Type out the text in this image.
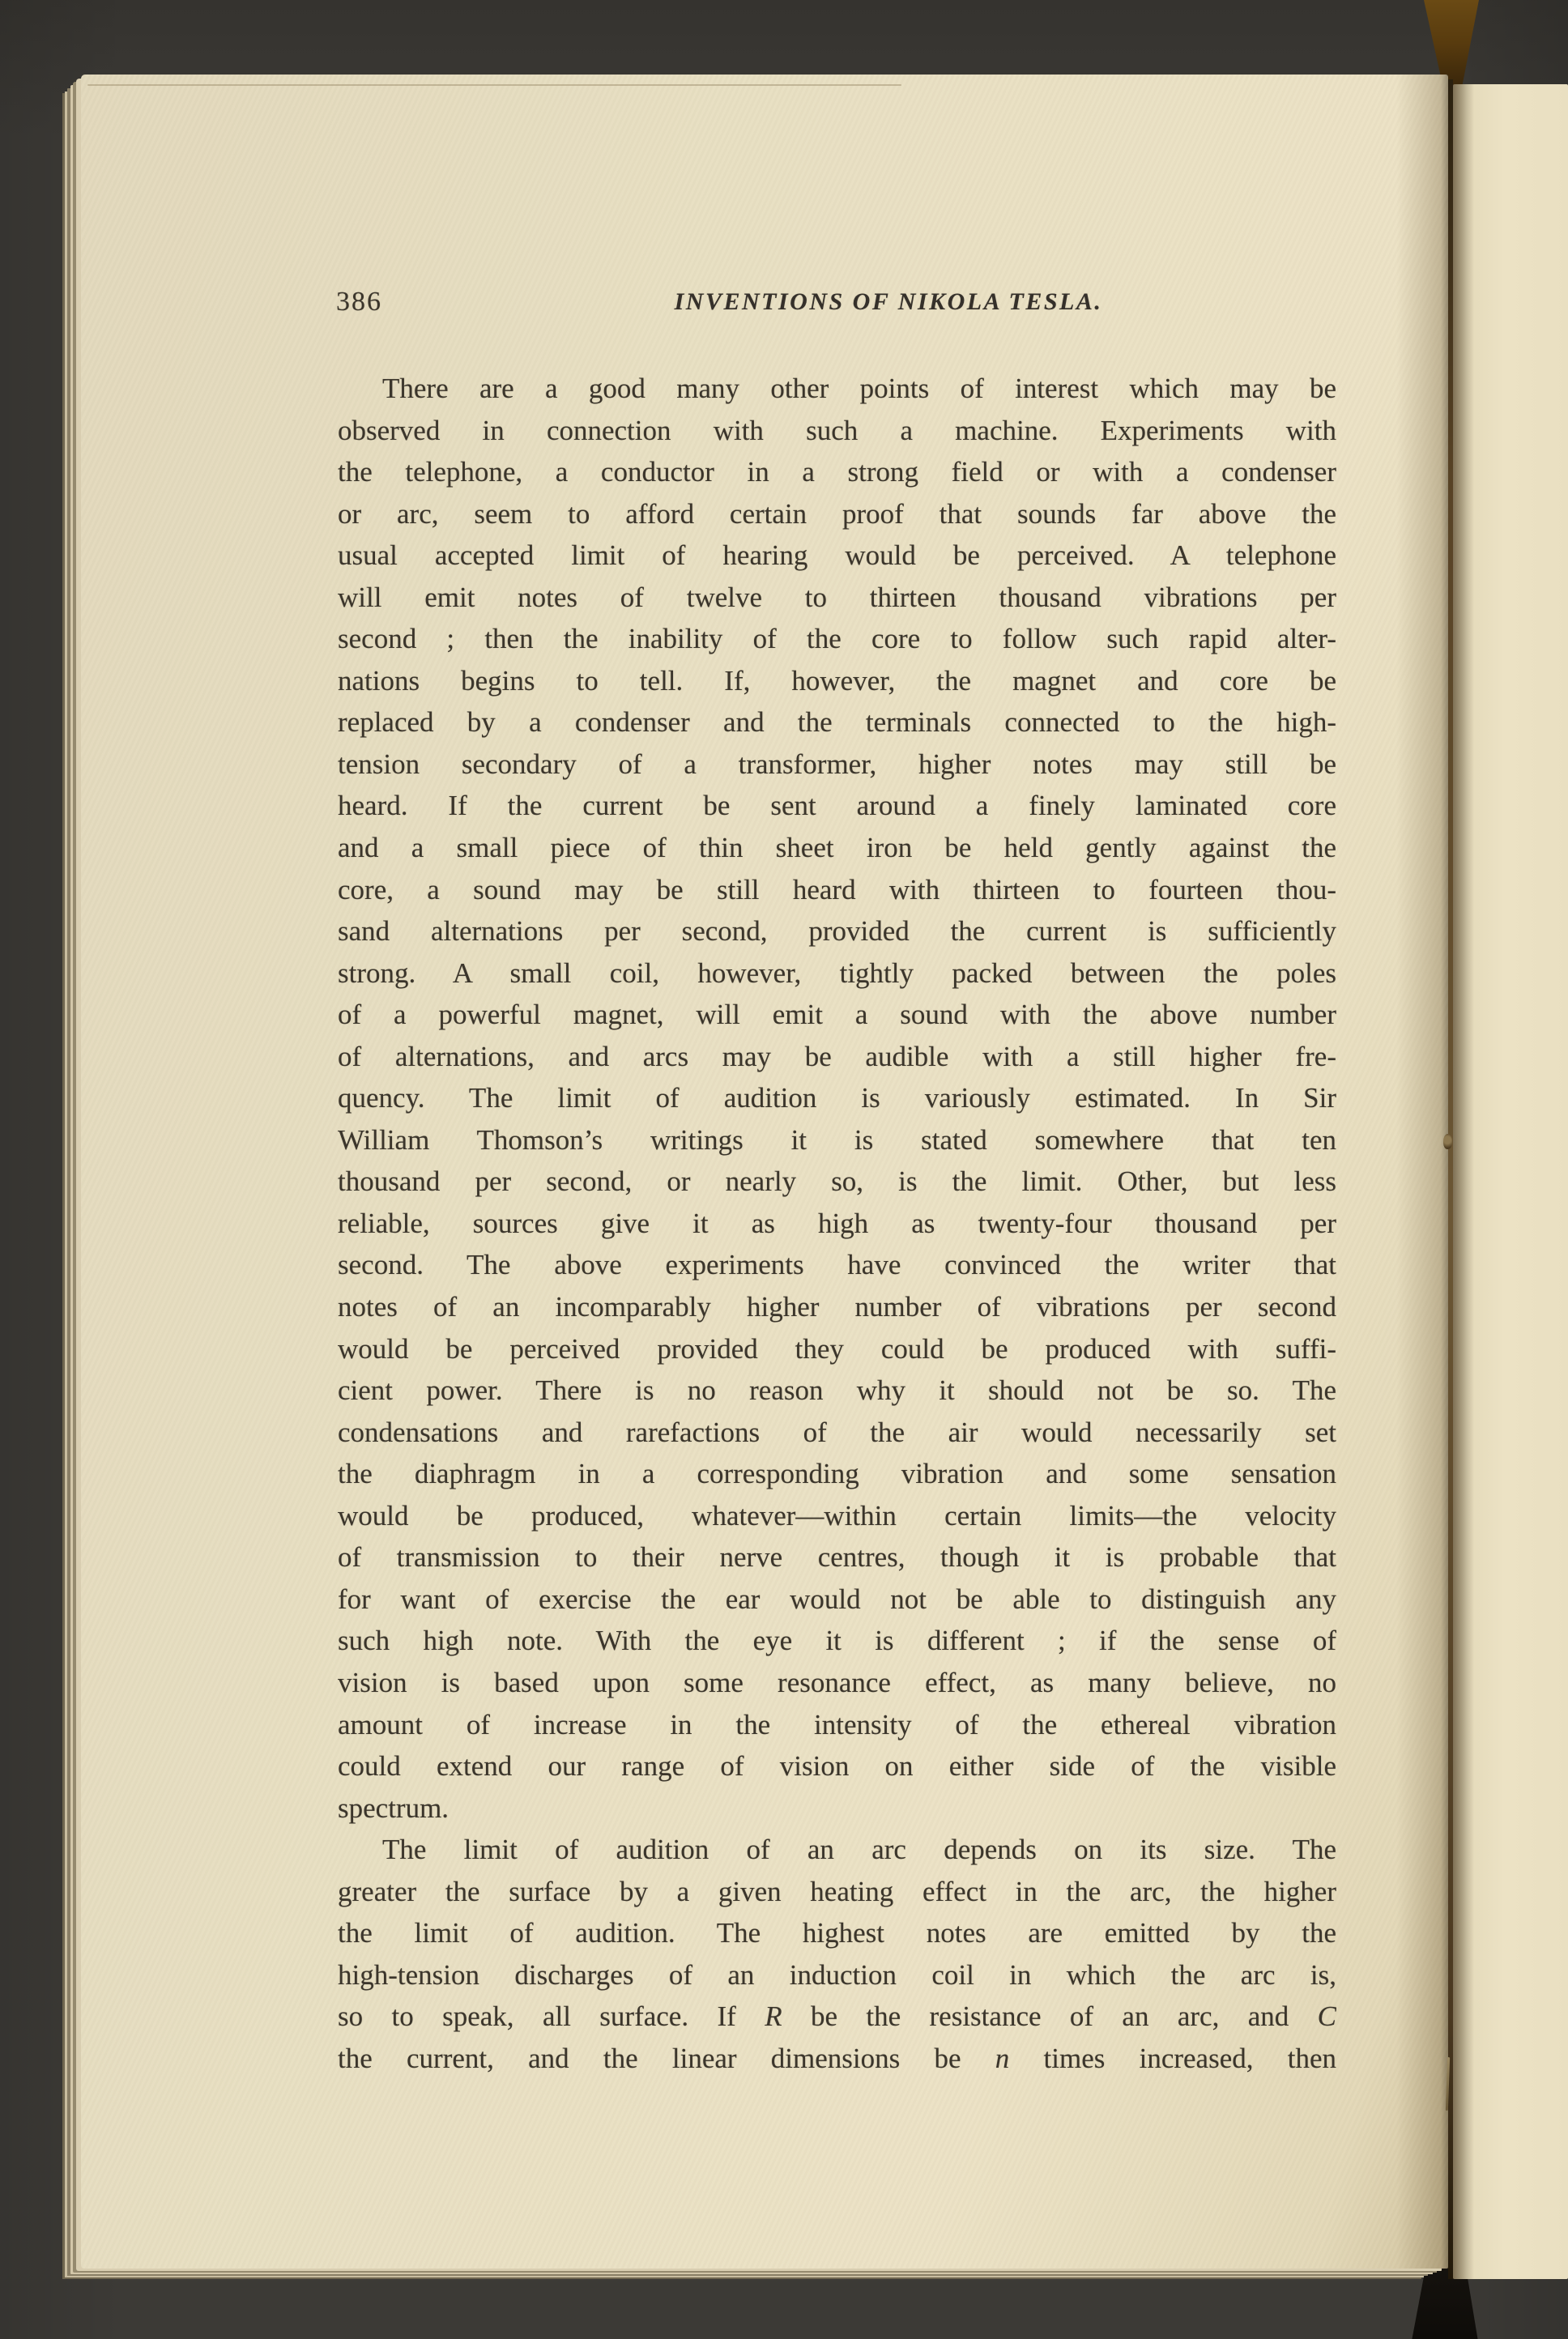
386	INVENTIONS OF NIKOLA TESLA.
There are a good many other points of interest which may be
observed in connection with such a machine. Experiments with
the telephone, a conductor in a strong field or with a condenser
or arc, seem to afford certain proof that sounds far above the
usual accepted limit of hearing would be perceived. A telephone
will emit notes of twelve to thirteen thousand vibrations per
second ; then the inability of the core to follow such rapid alter-
nations begins to tell. If, however, the magnet and core be
replaced by a condenser and the terminals connected to the high-
tension secondary of a transformer, higher notes may still be
heard. If the current be sent around a finely laminated core
and a small piece of thin sheet iron be held gently against the
core, a sound may be still heard with thirteen to fourteen thou-
sand alternations per second, provided the current is sufficiently
strong. A small coil, however, tightly packed between the poles
of a powerful magnet, will emit a sound with the above number
of alternations, and arcs may be audible with a still higher fre-
quency. The limit of audition is variously estimated. In Sir
William Thomson’s writings it is stated somewhere that ten
thousand per second, or nearly so, is the limit. Other, but less
reliable, sources give it as high as twenty-four thousand per
second. The above experiments have convinced the writer that
notes of an incomparably higher number of vibrations per second
would be perceived provided they could be produced with suffi-
cient power. There is no reason why it should not be so. The
condensations and rarefactions of the air would necessarily set
the diaphragm in a corresponding vibration and some sensation
would be produced, whatever—within certain limits—the velocity
of transmission to their nerve centres, though it is probable that
for want of exercise the ear would not be able to distinguish any
such high note. With the eye it is different ; if the sense of
vision is based upon some resonance effect, as many believe, no
amount of increase in the intensity of the ethereal vibration
could extend our range of vision on either side of the visible
spectrum.
The limit of audition of an arc depends on its size. The
greater the surface by a given heating effect in the arc, the higher
the limit of audition. The highest notes are emitted by the
high-tension discharges of an induction coil in which the arc is,
so to speak, all surface. If R be the resistance of an arc, and C
the current, and the linear dimensions be n times increased, then
